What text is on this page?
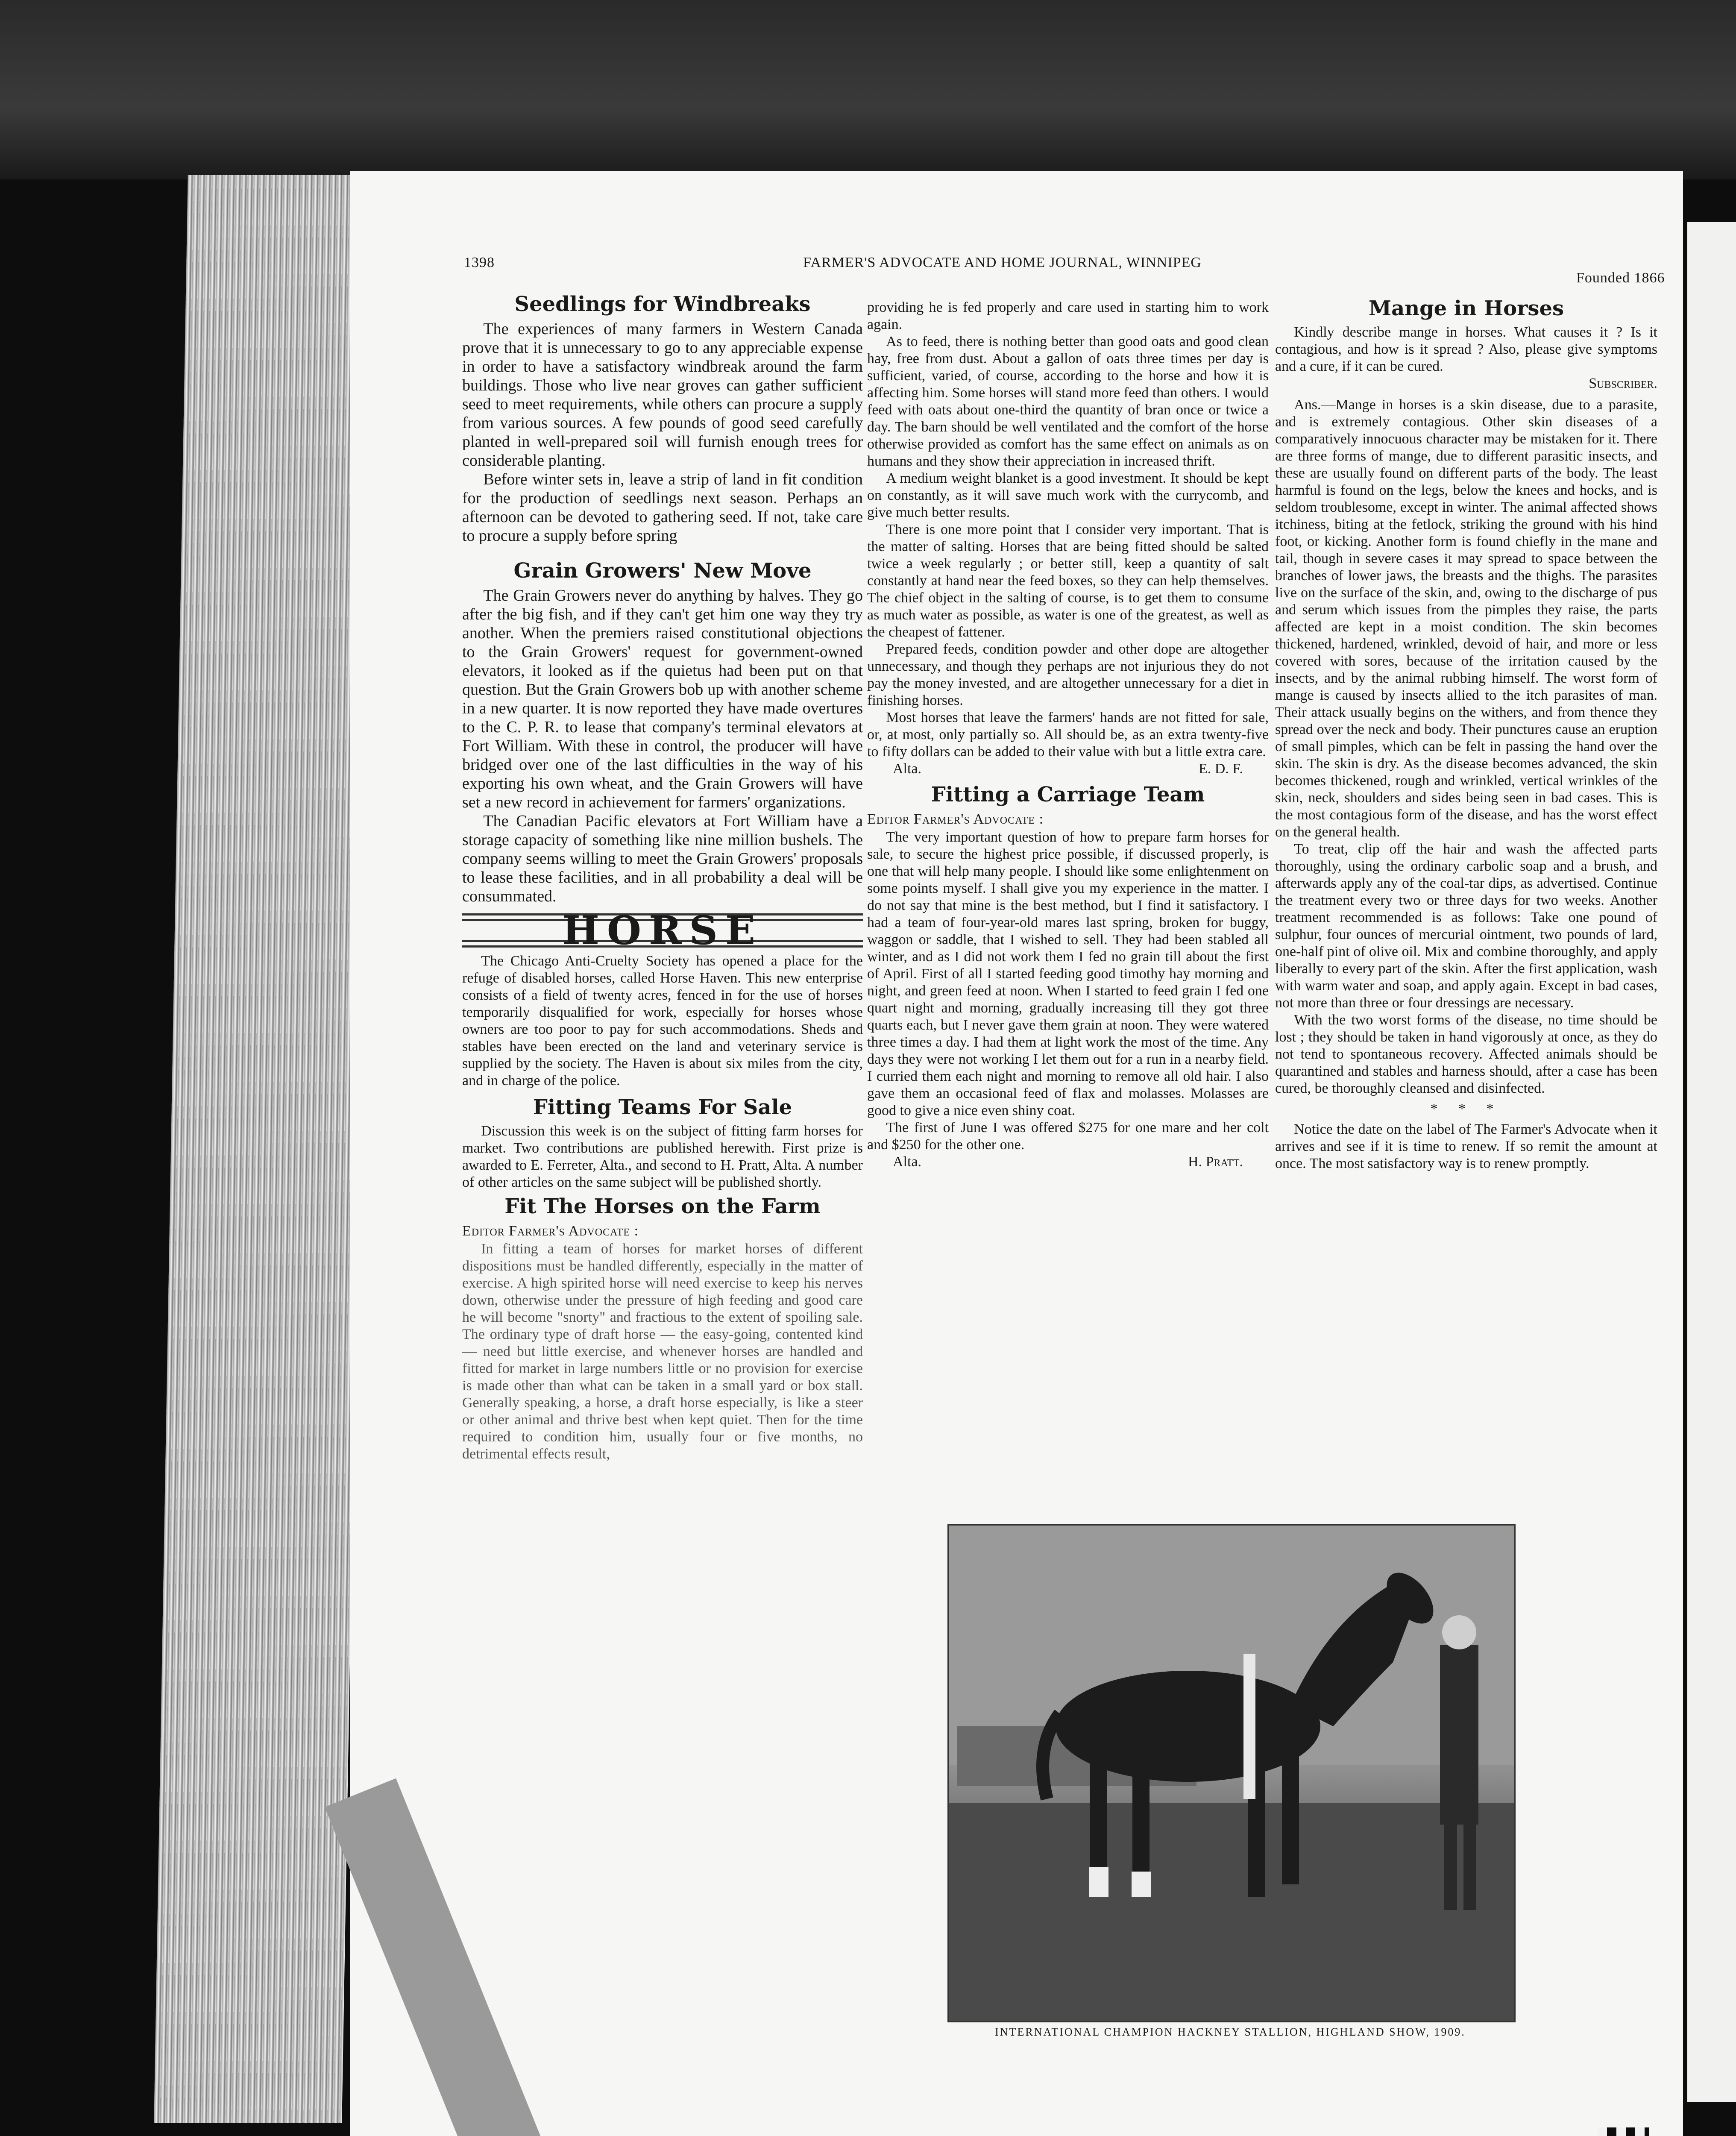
1398	FARMER'S ADVOCATE AND HOME JOURNAL, WINNIPEG
Founded 1866
Seedlings for Windbreaks

The experiences of many farmers in Western Canada prove that it is unnecessary to go to any appreciable expense in order to have a satisfactory windbreak around the farm buildings. Those who live near groves can gather sufficient seed to meet requirements, while others can procure a supply from various sources. A few pounds of good seed carefully planted in well-prepared soil will furnish enough trees for considerable planting.

Before winter sets in, leave a strip of land in fit condition for the production of seedlings next season. Perhaps an afternoon can be devoted to gathering seed. If not, take care to procure a supply before spring

Grain Growers' New Move

The Grain Growers never do anything by halves. They go after the big fish, and if they can't get him one way they try another. When the premiers raised constitutional objections to the Grain Growers' request for government-owned elevators, it looked as if the quietus had been put on that question. But the Grain Growers bob up with another scheme in a new quarter. It is now reported they have made overtures to the C. P. R. to lease that company's terminal elevators at Fort William. With these in control, the producer will have bridged over one of the last difficulties in the way of his exporting his own wheat, and the Grain Growers will have set a new record in achievement for farmers' organizations.

The Canadian Pacific elevators at Fort William have a storage capacity of something like nine million bushels. The company seems willing to meet the Grain Growers' proposals to lease these facilities, and in all probability a deal will be consummated.

HORSE

The Chicago Anti-Cruelty Society has opened a place for the refuge of disabled horses, called Horse Haven. This new enterprise consists of a field of twenty acres, fenced in for the use of horses temporarily disqualified for work, especially for horses whose owners are too poor to pay for such accommodations. Sheds and stables have been erected on the land and veterinary service is supplied by the society. The Haven is about six miles from the city, and in charge of the police.

Fitting Teams For Sale

Discussion this week is on the subject of fitting farm horses for market. Two contributions are published herewith. First prize is awarded to E. Ferreter, Alta., and second to H. Pratt, Alta. A number of other articles on the same subject will be published shortly.

Fit The Horses on the Farm
Editor Farmer's Advocate :

In fitting a team of horses for market horses of different dispositions must be handled differently, especially in the matter of exercise. A high spirited horse will need exercise to keep his nerves down, otherwise under the pressure of high feeding and good care he will become "snorty" and fractious to the extent of spoiling sale. The ordinary type of draft horse — the easy-going, contented kind — need but little exercise, and whenever horses are handled and fitted for market in large numbers little or no provision for exercise is made other than what can be taken in a small yard or box stall. Generally speaking, a horse, a draft horse especially, is like a steer or other animal and thrive best when kept quiet. Then for the time required to condition him, usually four or five months, no detrimental effects result,

providing he is fed properly and care used in starting him to work again.

As to feed, there is nothing better than good oats and good clean hay, free from dust. About a gallon of oats three times per day is sufficient, varied, of course, according to the horse and how it is affecting him. Some horses will stand more feed than others. I would feed with oats about one-third the quantity of bran once or twice a day. The barn should be well ventilated and the comfort of the horse otherwise provided as comfort has the same effect on animals as on humans and they show their appreciation in increased thrift.

A medium weight blanket is a good investment. It should be kept on constantly, as it will save much work with the currycomb, and give much better results.

There is one more point that I consider very important. That is the matter of salting. Horses that are being fitted should be salted twice a week regularly ; or better still, keep a quantity of salt constantly at hand near the feed boxes, so they can help themselves. The chief object in the salting of course, is to get them to consume as much water as possible, as water is one of the greatest, as well as the cheapest of fattener.

Prepared feeds, condition powder and other dope are altogether unnecessary, and though they perhaps are not injurious they do not pay the money invested, and are altogether unnecessary for a diet in finishing horses.

Most horses that leave the farmers' hands are not fitted for sale, or, at most, only partially so. All should be, as an extra twenty-five to fifty dollars can be added to their value with but a little extra care.

Alta.	E. D. F.
Fitting a Carriage Team
Editor Farmer's Advocate :

The very important question of how to prepare farm horses for sale, to secure the highest price possible, if discussed properly, is one that will help many people. I should like some enlightenment on some points myself. I shall give you my experience in the matter. I do not say that mine is the best method, but I find it satisfactory. I had a team of four-year-old mares last spring, broken for buggy, waggon or saddle, that I wished to sell. They had been stabled all winter, and as I did not work them I fed no grain till about the first of April. First of all I started feeding good timothy hay morning and night, and green feed at noon. When I started to feed grain I fed one quart night and morning, gradually increasing till they got three quarts each, but I never gave them grain at noon. They were watered three times a day. I had them at light work the most of the time. Any days they were not working I let them out for a run in a nearby field. I curried them each night and morning to remove all old hair. I also gave them an occasional feed of flax and molasses. Molasses are good to give a nice even shiny coat.

The first of June I was offered $275 for one mare and her colt and $250 for the other one.

Alta.	H. Pratt.
Mange in Horses

Kindly describe mange in horses. What causes it ? Is it contagious, and how is it spread ? Also, please give symptoms and a cure, if it can be cured.

Subscriber.

Ans.—Mange in horses is a skin disease, due to a parasite, and is extremely contagious. Other skin diseases of a comparatively innocuous character may be mistaken for it. There are three forms of mange, due to different parasitic insects, and these are usually found on different parts of the body. The least harmful is found on the legs, below the knees and hocks, and is seldom troublesome, except in winter. The animal affected shows itchiness, biting at the fetlock, striking the ground with his hind foot, or kicking. Another form is found chiefly in the mane and tail, though in severe cases it may spread to space between the branches of lower jaws, the breasts and the thighs. The parasites live on the surface of the skin, and, owing to the discharge of pus and serum which issues from the pimples they raise, the parts affected are kept in a moist condition. The skin becomes thickened, hardened, wrinkled, devoid of hair, and more or less covered with sores, because of the irritation caused by the insects, and by the animal rubbing himself. The worst form of mange is caused by insects allied to the itch parasites of man. Their attack usually begins on the withers, and from thence they spread over the neck and body. Their punctures cause an eruption of small pimples, which can be felt in passing the hand over the skin. The skin is dry. As the disease becomes advanced, the skin becomes thickened, rough and wrinkled, vertical wrinkles of the skin, neck, shoulders and sides being seen in bad cases. This is the most contagious form of the disease, and has the worst effect on the general health.

To treat, clip off the hair and wash the affected parts thoroughly, using the ordinary carbolic soap and a brush, and afterwards apply any of the coal-tar dips, as advertised. Continue the treatment every two or three days for two weeks. Another treatment recommended is as follows: Take one pound of sulphur, four ounces of mercurial ointment, two pounds of lard, one-half pint of olive oil. Mix and combine thoroughly, and apply liberally to every part of the skin. After the first application, wash with warm water and soap, and apply again. Except in bad cases, not more than three or four dressings are necessary.

With the two worst forms of the disease, no time should be lost ; they should be taken in hand vigorously at once, as they do not tend to spontaneous recovery. Affected animals should be quarantined and stables and harness should, after a case has been cured, be thoroughly cleansed and disinfected.

* * *

Notice the date on the label of The Farmer's Advocate when it arrives and see if it is time to renew. If so remit the amount at once. The most satisfactory way is to renew promptly.

INTERNATIONAL CHAMPION HACKNEY STALLION, HIGHLAND SHOW, 1909.
